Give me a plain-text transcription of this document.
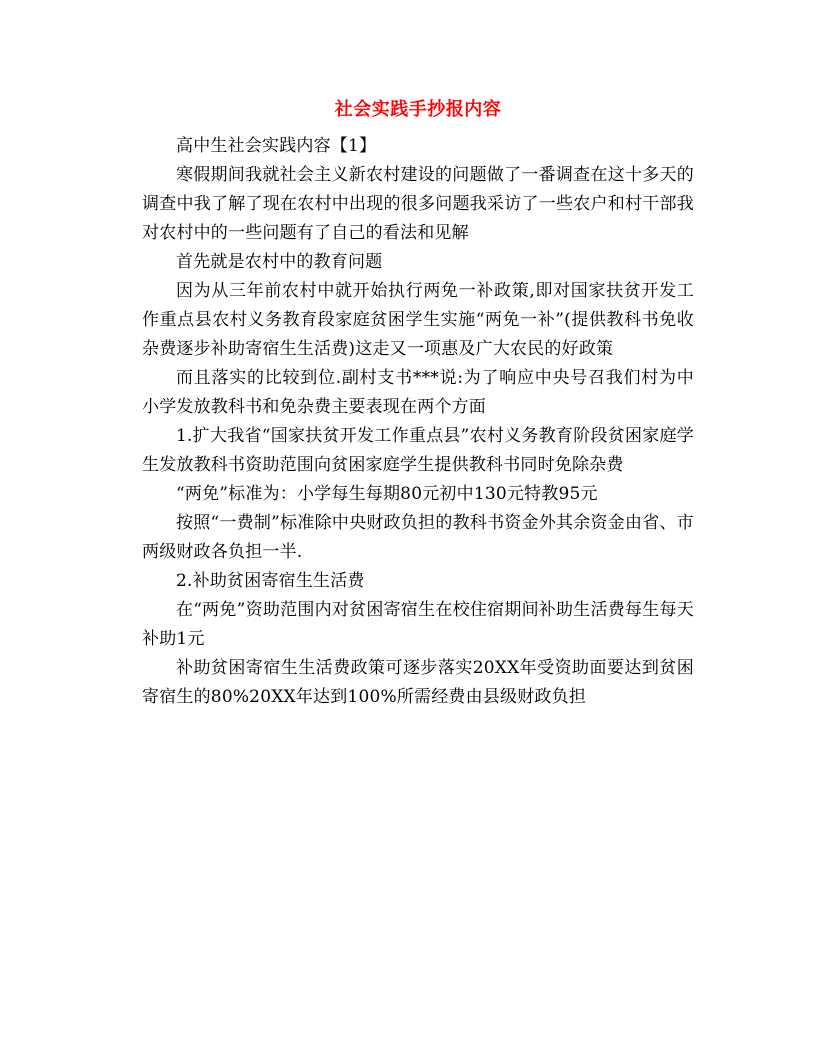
社会实践手抄报内容

高中生社会实践内容【1】

寒假期间我就社会主义新农村建设的问题做了一番调查在这十多天的调查中我了解了现在农村中出现的很多问题我采访了一些农户和村干部我对农村中的一些问题有了自己的看法和见解

首先就是农村中的教育问题

因为从三年前农村中就开始执行两免一补政策,即对国家扶贫开发工作重点县农村义务教育段家庭贫困学生实施“两免一补”(提供教科书免收杂费逐步补助寄宿生生活费)这走又一项惠及广大农民的好政策

而且落实的比较到位.副村支书***说:为了响应中央号召我们村为中小学发放教科书和免杂费主要表现在两个方面

1.扩大我省“国家扶贫开发工作重点县”农村义务教育阶段贫困家庭学生发放教科书资助范围向贫困家庭学生提供教科书同时免除杂费

“两免”标准为：小学每生每期80元初中130元特教95元

按照“一费制”标准除中央财政负担的教科书资金外其余资金由省、市两级财政各负担一半.

2.补助贫困寄宿生生活费

在“两免”资助范围内对贫困寄宿生在校住宿期间补助生活费每生每天补助1元

补助贫困寄宿生生活费政策可逐步落实20XX年受资助面要达到贫困寄宿生的80%20XX年达到100%所需经费由县级财政负担
